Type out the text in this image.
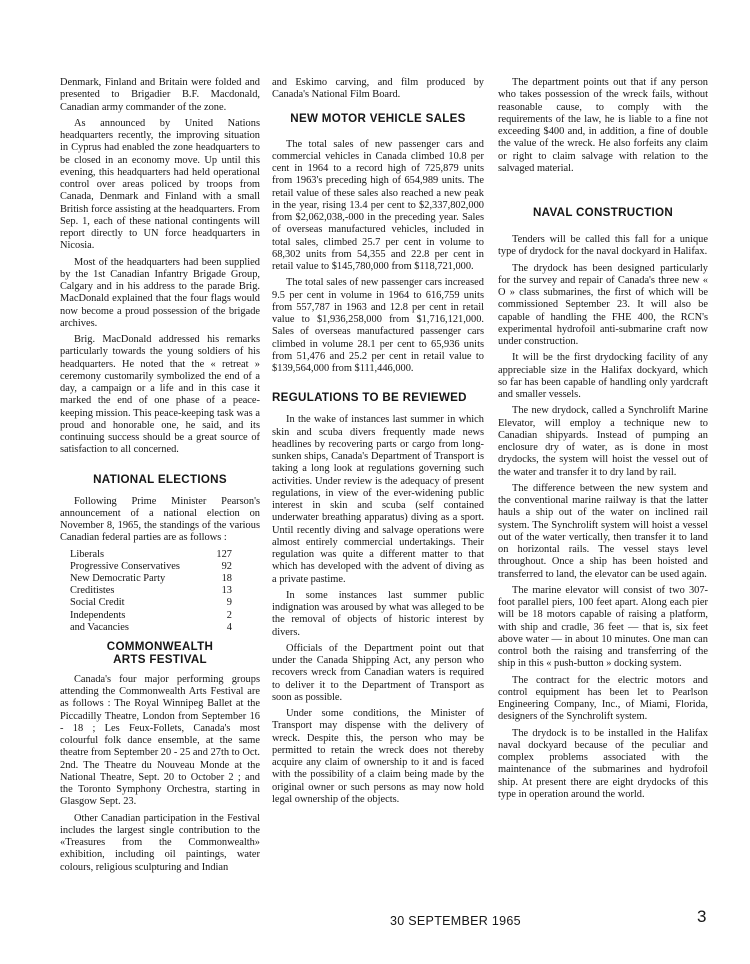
Denmark, Finland and Britain were folded and presented to Brigadier B.F. Macdonald, Canadian army commander of the zone.

As announced by United Nations headquarters recently, the improving situation in Cyprus had enabled the zone headquarters to be closed in an economy move. Up until this evening, this headquarters had held operational control over areas policed by troops from Canada, Denmark and Finland with a small British force assisting at the headquarters. From Sep. 1, each of these national contingents will report directly to UN force headquarters in Nicosia.

Most of the headquarters had been supplied by the 1st Canadian Infantry Brigade Group, Calgary and in his address to the parade Brig. MacDonald explained that the four flags would now become a proud possession of the brigade archives.

Brig. MacDonald addressed his remarks particularly towards the young soldiers of his headquarters. He noted that the « retreat » ceremony customarily symbolized the end of a day, a campaign or a life and in this case it marked the end of one phase of a peace-keeping mission. This peace-keeping task was a proud and honorable one, he said, and its continuing success should be a great source of satisfaction to all concerned.

NATIONAL ELECTIONS

Following Prime Minister Pearson's announcement of a national election on November 8, 1965, the standings of the various Canadian federal parties are as follows :

Liberals	127
Progressive Conservatives	92
New Democratic Party	18
Creditistes	13
Social Credit	9
Independents	2
and Vacancies	4
COMMONWEALTH
ARTS FESTIVAL

Canada's four major performing groups attending the Commonwealth Arts Festival are as follows : The Royal Winnipeg Ballet at the Piccadilly Theatre, London from September 16 - 18 ; Les Feux-Follets, Canada's most colourful folk dance ensemble, at the same theatre from September 20 - 25 and 27th to Oct. 2nd. The Theatre du Nouveau Monde at the National Theatre, Sept. 20 to October 2 ; and the Toronto Symphony Orchestra, starting in Glasgow Sept. 23.

Other Canadian participation in the Festival includes the largest single contribution to the «Treasures from the Commonwealth» exhibition, including oil paintings, water colours, religious sculpturing and Indian

and Eskimo carving, and film produced by Canada's National Film Board.

NEW MOTOR VEHICLE SALES

The total sales of new passenger cars and commercial vehicles in Canada climbed 10.8 per cent in 1964 to a record high of 725,879 units from 1963's preceding high of 654,989 units. The retail value of these sales also reached a new peak in the year, rising 13.4 per cent to $2,337,802,000 from $2,062,038,-000 in the preceding year. Sales of overseas manufactured vehicles, included in total sales, climbed 25.7 per cent in volume to 68,302 units from 54,355 and 22.8 per cent in retail value to $145,780,000 from $118,721,000.

The total sales of new passenger cars increased 9.5 per cent in volume in 1964 to 616,759 units from 557,787 in 1963 and 12.8 per cent in retail value to $1,936,258,000 from $1,716,121,000. Sales of overseas manufactured passenger cars climbed in volume 28.1 per cent to 65,936 units from 51,476 and 25.2 per cent in retail value to $139,564,000 from $111,446,000.

REGULATIONS TO BE REVIEWED

In the wake of instances last summer in which skin and scuba divers frequently made news headlines by recovering parts or cargo from long-sunken ships, Canada's Department of Transport is taking a long look at regulations governing such activities. Under review is the adequacy of present regulations, in view of the ever-widening public interest in skin and scuba (self contained underwater breathing apparatus) diving as a sport. Until recently diving and salvage operations were almost entirely commercial undertakings. Their regulation was quite a different matter to that which has developed with the advent of diving as a private pastime.

In some instances last summer public indignation was aroused by what was alleged to be the removal of objects of historic interest by divers.

Officials of the Department point out that under the Canada Shipping Act, any person who recovers wreck from Canadian waters is required to deliver it to the Department of Transport as soon as possible.

Under some conditions, the Minister of Transport may dispense with the delivery of wreck. Despite this, the person who may be permitted to retain the wreck does not thereby acquire any claim of ownership to it and is faced with the possibility of a claim being made by the original owner or such persons as may now hold legal ownership of the objects.

The department points out that if any person who takes possession of the wreck fails, without reasonable cause, to comply with the requirements of the law, he is liable to a fine not exceeding $400 and, in addition, a fine of double the value of the wreck. He also forfeits any claim or right to claim salvage with relation to the salvaged material.

NAVAL CONSTRUCTION

Tenders will be called this fall for a unique type of drydock for the naval dockyard in Halifax.

The drydock has been designed particularly for the survey and repair of Canada's three new « O » class submarines, the first of which will be commissioned September 23. It will also be capable of handling the FHE 400, the RCN's experimental hydrofoil anti-submarine craft now under construction.

It will be the first drydocking facility of any appreciable size in the Halifax dockyard, which so far has been capable of handling only yardcraft and smaller vessels.

The new drydock, called a Synchrolift Marine Elevator, will employ a technique new to Canadian shipyards. Instead of pumping an enclosure dry of water, as is done in most drydocks, the system will hoist the vessel out of the water and transfer it to dry land by rail.

The difference between the new system and the conventional marine railway is that the latter hauls a ship out of the water on inclined rail system. The Synchrolift system will hoist a vessel out of the water vertically, then transfer it to land on horizontal rails. The vessel stays level throughout. Once a ship has been hoisted and transferred to land, the elevator can be used again.

The marine elevator will consist of two 307-foot parallel piers, 100 feet apart. Along each pier will be 18 motors capable of raising a platform, with ship and cradle, 36 feet — that is, six feet above water — in about 10 minutes. One man can control both the raising and transferring of the ship in this « push-button » docking system.

The contract for the electric motors and control equipment has been let to Pearlson Engineering Company, Inc., of Miami, Florida, designers of the Synchrolift system.

The drydock is to be installed in the Halifax naval dockyard because of the peculiar and complex problems associated with the maintenance of the submarines and hydrofoil ship. At present there are eight drydocks of this type in operation around the world.

30 SEPTEMBER 1965	3
